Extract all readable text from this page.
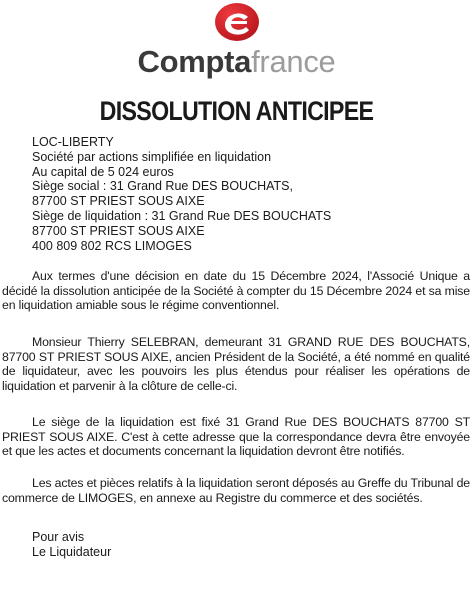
Comptafrance
DISSOLUTION ANTICIPEE
LOC-LIBERTY
Société par actions simplifiée en liquidation
Au capital de 5 024 euros
Siège social : 31 Grand Rue DES BOUCHATS,
87700 ST PRIEST SOUS AIXE
Siège de liquidation : 31 Grand Rue DES BOUCHATS
87700 ST PRIEST SOUS AIXE
400 809 802 RCS LIMOGES
Aux termes d'une décision en date du 15 Décembre 2024, l'Associé Unique a décidé la dissolution anticipée de la Société à compter du 15 Décembre 2024 et sa mise en liquidation amiable sous le régime conventionnel.
Monsieur Thierry SELEBRAN, demeurant 31 GRAND RUE DES BOUCHATS, 87700 ST PRIEST SOUS AIXE, ancien Président de la Société, a été nommé en qualité de liquidateur, avec les pouvoirs les plus étendus pour réaliser les opérations de liquidation et parvenir à la clôture de celle-ci.
Le siège de la liquidation est fixé 31 Grand Rue DES BOUCHATS 87700 ST PRIEST SOUS AIXE. C'est à cette adresse que la correspondance devra être envoyée et que les actes et documents concernant la liquidation devront être notifiés.
Les actes et pièces relatifs à la liquidation seront déposés au Greffe du Tribunal de commerce de LIMOGES, en annexe au Registre du commerce et des sociétés.
Pour avis
Le Liquidateur
